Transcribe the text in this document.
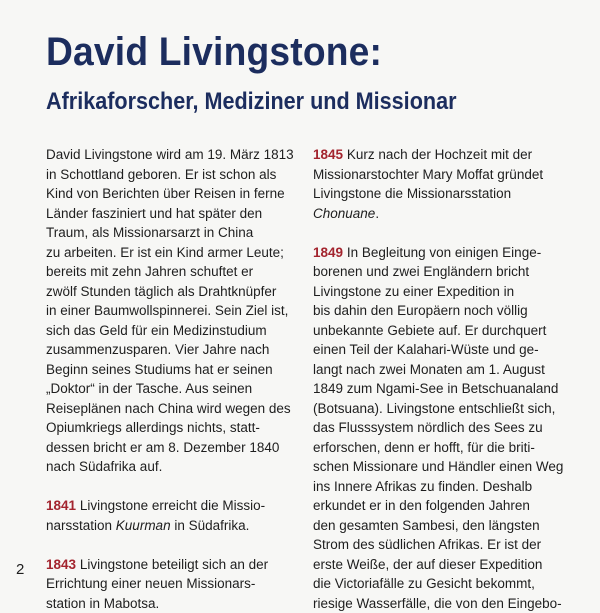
David Livingstone:
Afrikaforscher, Mediziner und Missionar
David Livingstone wird am 19. März 1813
in Schottland geboren. Er ist schon als
Kind von Berichten über Reisen in ferne
Länder fasziniert und hat später den
Traum, als Missionarsarzt in China
zu arbeiten. Er ist ein Kind armer Leute;
bereits mit zehn Jahren schuftet er
zwölf Stunden täglich als Drahtknüpfer
in einer Baumwollspinnerei. Sein Ziel ist,
sich das Geld für ein Medizinstudium
zusammenzusparen. Vier Jahre nach
Beginn seines Studiums hat er seinen
„Doktor“ in der Tasche. Aus seinen
Reiseplänen nach China wird wegen des
Opiumkriegs allerdings nichts, statt-
dessen bricht er am 8. Dezember 1840
nach Südafrika auf.
1841 Livingstone erreicht die Missio-
narsstation Kuurman in Südafrika.
1843 Livingstone beteiligt sich an der
Errichtung einer neuen Missionars-
station in Mabotsa.
1845 Kurz nach der Hochzeit mit der
Missionarstochter Mary Moffat gründet
Livingstone die Missionarsstation
Chonuane.
1849 In Begleitung von einigen Einge-
borenen und zwei Engländern bricht
Livingstone zu einer Expedition in
bis dahin den Europäern noch völlig
unbekannte Gebiete auf. Er durchquert
einen Teil der Kalahari-Wüste und ge-
langt nach zwei Monaten am 1. August
1849 zum Ngami-See in Betschuanaland
(Botsuana). Livingstone entschließt sich,
das Flusssystem nördlich des Sees zu
erforschen, denn er hofft, für die briti-
schen Missionare und Händler einen Weg
ins Innere Afrikas zu finden. Deshalb
erkundet er in den folgenden Jahren
den gesamten Sambesi, den längsten
Strom des südlichen Afrikas. Er ist der
erste Weiße, der auf dieser Expedition
die Victoriafälle zu Gesicht bekommt,
riesige Wasserfälle, die von den Eingebo-
2
